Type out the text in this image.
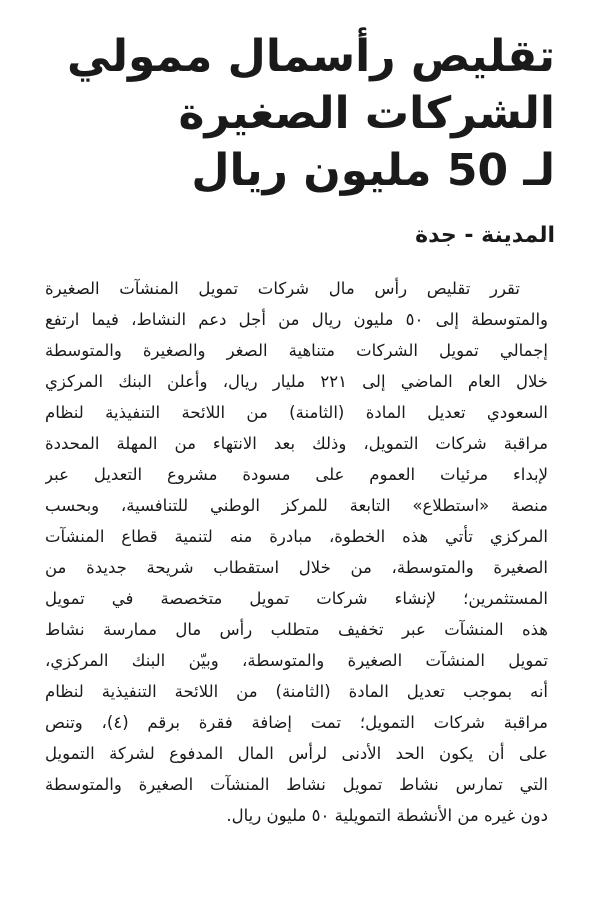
تقليص رأسمال ممولي
الشركات الصغيرة
لـ 50 مليون ريال
المدينة - جدة
تقرر تقليص رأس مال شركات تمويل المنشآت الصغيرة
والمتوسطة إلى ٥٠ مليون ريال من أجل دعم النشاط، فيما ارتفع
إجمالي تمويل الشركات متناهية الصغر والصغيرة والمتوسطة
خلال العام الماضي إلى ٢٢١ مليار ريال، وأعلن البنك المركزي
السعودي تعديل المادة (الثامنة) من اللائحة التنفيذية لنظام
مراقبة شركات التمويل، وذلك بعد الانتهاء من المهلة المحددة
لإبداء مرئيات العموم على مسودة مشروع التعديل عبر
منصة «استطلاع» التابعة للمركز الوطني للتنافسية، وبحسب
المركزي تأتي هذه الخطوة، مبادرة منه لتنمية قطاع المنشآت
الصغيرة والمتوسطة، من خلال استقطاب شريحة جديدة من
المستثمرين؛ لإنشاء شركات تمويل متخصصة في تمويل
هذه المنشآت عبر تخفيف متطلب رأس مال ممارسة نشاط
تمويل المنشآت الصغيرة والمتوسطة، وبيّن البنك المركزي،
أنه بموجب تعديل المادة (الثامنة) من اللائحة التنفيذية لنظام
مراقبة شركات التمويل؛ تمت إضافة فقرة برقم (٤)، وتنص
على أن يكون الحد الأدنى لرأس المال المدفوع لشركة التمويل
التي تمارس نشاط تمويل نشاط المنشآت الصغيرة والمتوسطة
دون غيره من الأنشطة التمويلية ٥٠ مليون ريال.
